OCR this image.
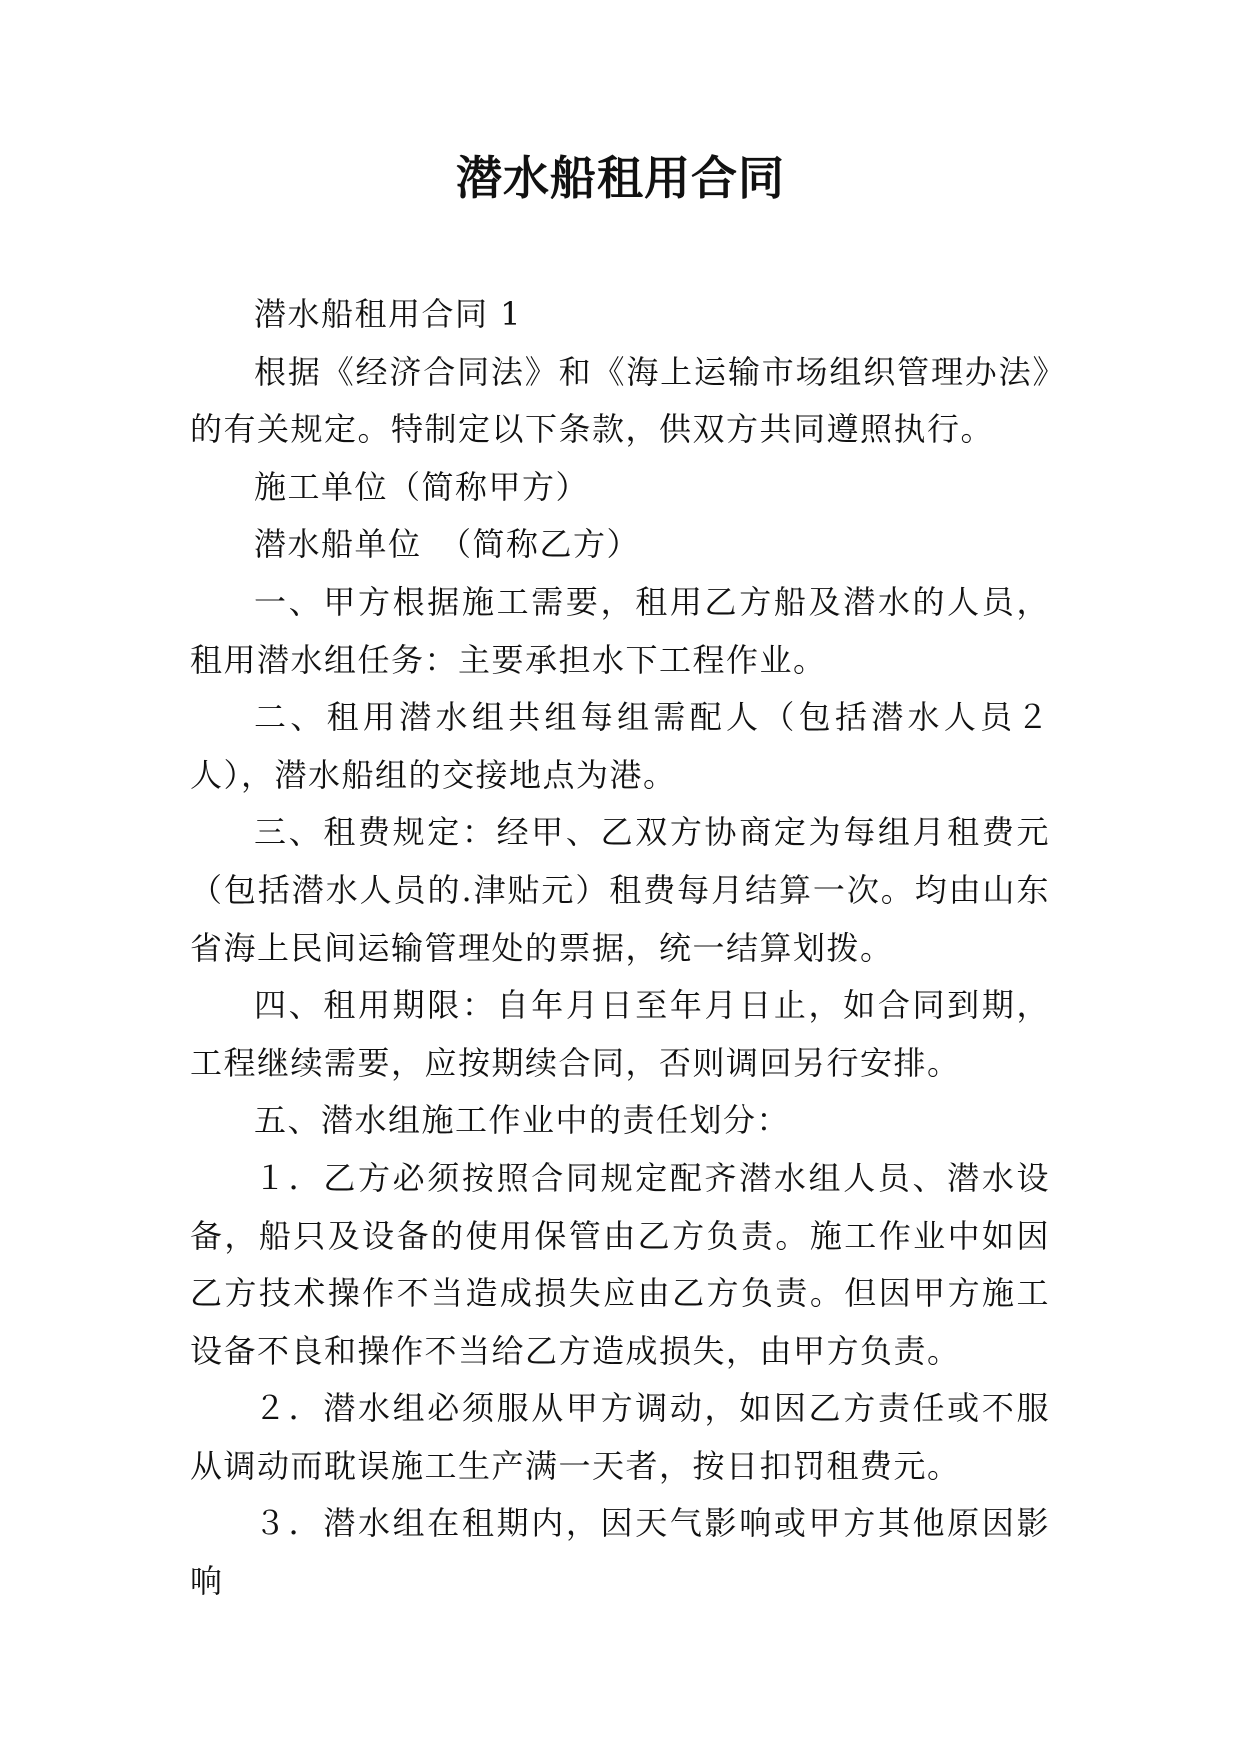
潜水船租用合同

潜水船租用合同 1

根据《经济合同法》和《海上运输市场组织管理办法》的有关规定。特制定以下条款，供双方共同遵照执行。

施工单位（简称甲方）

潜水船单位　（简称乙方）

一、甲方根据施工需要，租用乙方船及潜水的人员，租用潜水组任务：主要承担水下工程作业。

二、租用潜水组共组每组需配人（包括潜水人员２人），潜水船组的交接地点为港。

三、租费规定：经甲、乙双方协商定为每组月租费元（包括潜水人员的.津贴元）租费每月结算一次。均由山东省海上民间运输管理处的票据，统一结算划拨。

四、租用期限：自年月日至年月日止，如合同到期，工程继续需要，应按期续合同，否则调回另行安排。

五、潜水组施工作业中的责任划分：

１．乙方必须按照合同规定配齐潜水组人员、潜水设备，船只及设备的使用保管由乙方负责。施工作业中如因乙方技术操作不当造成损失应由乙方负责。但因甲方施工设备不良和操作不当给乙方造成损失，由甲方负责。

２．潜水组必须服从甲方调动，如因乙方责任或不服从调动而耽误施工生产满一天者，按日扣罚租费元。

３．潜水组在租期内，因天气影响或甲方其他原因影响
